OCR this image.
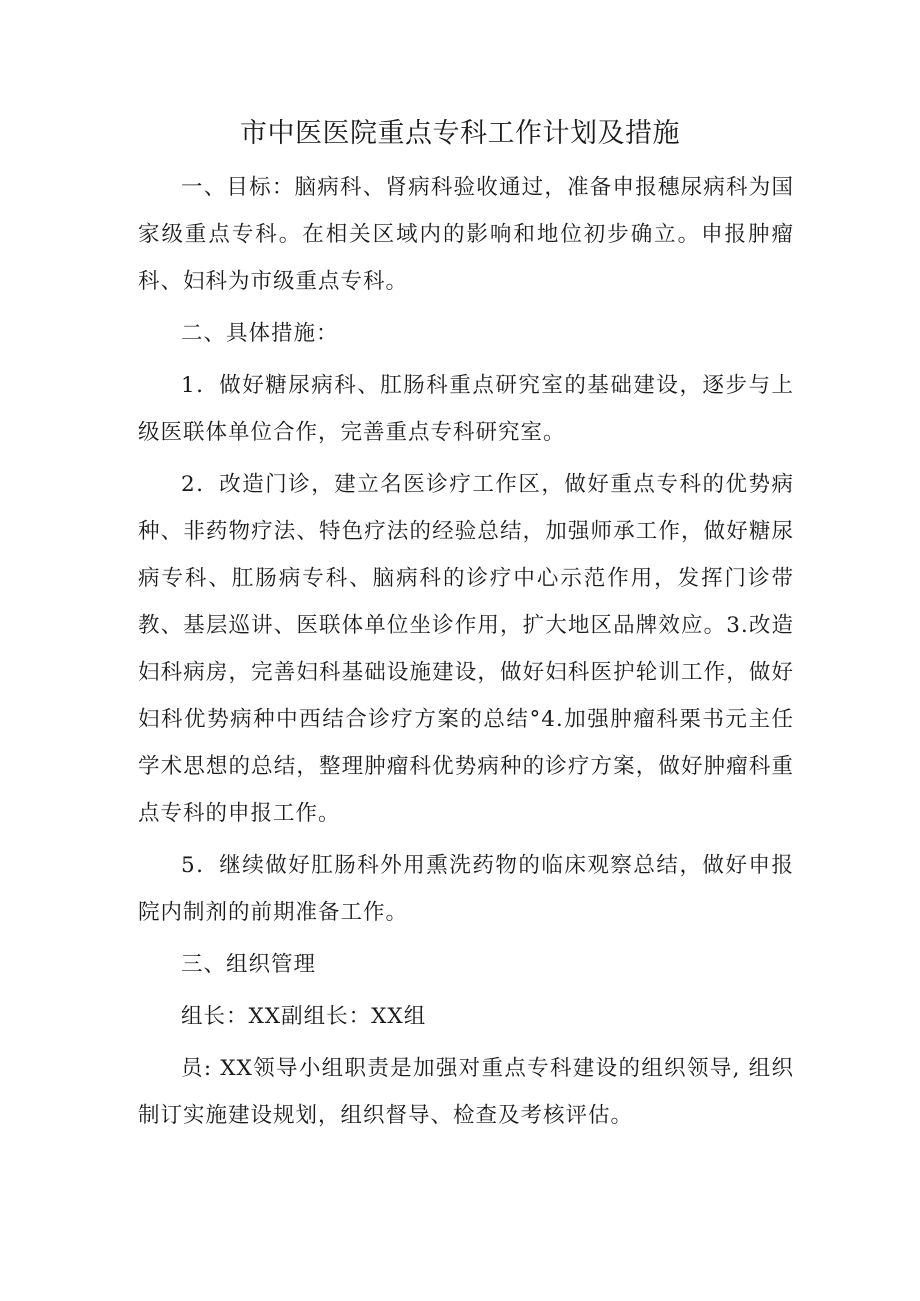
市中医医院重点专科工作计划及措施

一、目标：脑病科、肾病科验收通过，准备申报穗尿病科为国家级重点专科。在相关区域内的影响和地位初步确立。申报肿瘤科、妇科为市级重点专科。

二、具体措施：

1．做好糖尿病科、肛肠科重点研究室的基础建设，逐步与上级医联体单位合作，完善重点专科研究室。

2．改造门诊，建立名医诊疗工作区，做好重点专科的优势病种、非药物疗法、特色疗法的经验总结，加强师承工作，做好糖尿病专科、肛肠病专科、脑病科的诊疗中心示范作用，发挥门诊带教、基层巡讲、医联体单位坐诊作用，扩大地区品牌效应。3.改造妇科病房，完善妇科基础设施建设，做好妇科医护轮训工作，做好妇科优势病种中西结合诊疗方案的总结°4.加强肿瘤科栗书元主任学术思想的总结，整理肿瘤科优势病种的诊疗方案，做好肿瘤科重点专科的申报工作。

5．继续做好肛肠科外用熏洗药物的临床观察总结，做好申报院内制剂的前期准备工作。

三、组织管理

组长：XX副组长：XX组

员: XX领导小组职责是加强对重点专科建设的组织领导, 组织制订实施建设规划，组织督导、检查及考核评估。
